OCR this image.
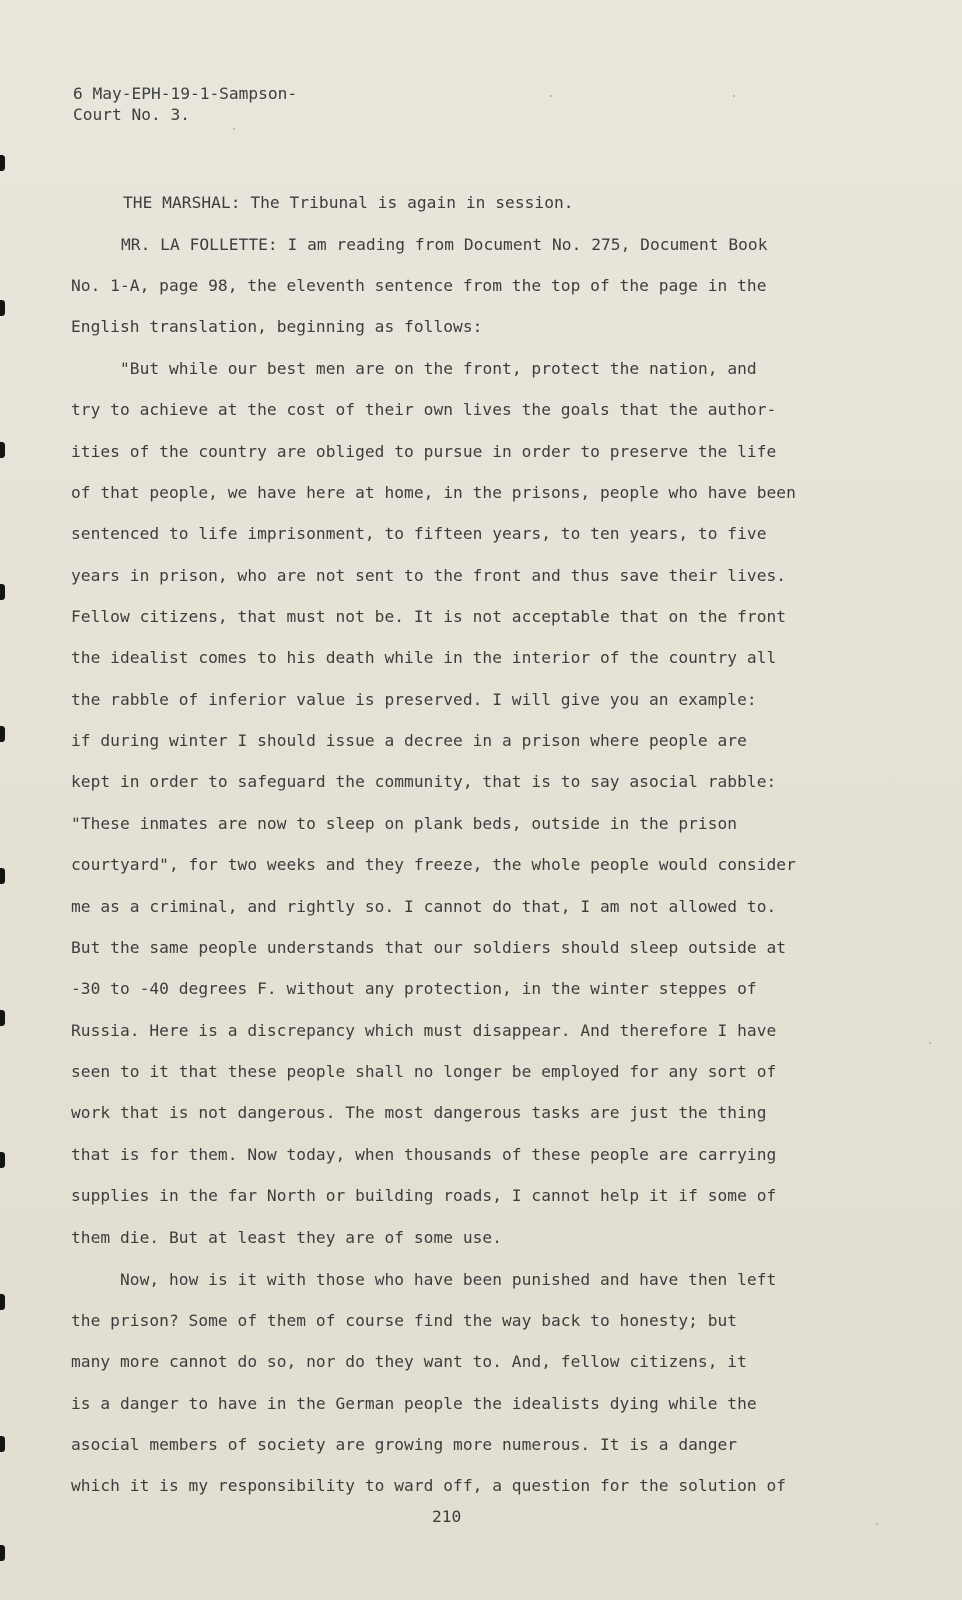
6 May-EPH-19-1-Sampson-
Court No. 3.
THE MARSHAL: The Tribunal is again in session.
MR. LA FOLLETTE: I am reading from Document No. 275, Document Book
No. 1-A, page 98, the eleventh sentence from the top of the page in the
English translation, beginning as follows:
"But while our best men are on the front, protect the nation, and
try to achieve at the cost of their own lives the goals that the author-
ities of the country are obliged to pursue in order to preserve the life
of that people, we have here at home, in the prisons, people who have been
sentenced to life imprisonment, to fifteen years, to ten years, to five
years in prison, who are not sent to the front and thus save their lives.
Fellow citizens, that must not be. It is not acceptable that on the front
the idealist comes to his death while in the interior of the country all
the rabble of inferior value is preserved. I will give you an example:
if during winter I should issue a decree in a prison where people are
kept in order to safeguard the community, that is to say asocial rabble:
"These inmates are now to sleep on plank beds, outside in the prison
courtyard", for two weeks and they freeze, the whole people would consider
me as a criminal, and rightly so. I cannot do that, I am not allowed to.
But the same people understands that our soldiers should sleep outside at
-30 to -40 degrees F. without any protection, in the winter steppes of
Russia. Here is a discrepancy which must disappear. And therefore I have
seen to it that these people shall no longer be employed for any sort of
work that is not dangerous. The most dangerous tasks are just the thing
that is for them. Now today, when thousands of these people are carrying
supplies in the far North or building roads, I cannot help it if some of
them die. But at least they are of some use.
Now, how is it with those who have been punished and have then left
the prison? Some of them of course find the way back to honesty; but
many more cannot do so, nor do they want to. And, fellow citizens, it
is a danger to have in the German people the idealists dying while the
asocial members of society are growing more numerous. It is a danger
which it is my responsibility to ward off, a question for the solution of
210
